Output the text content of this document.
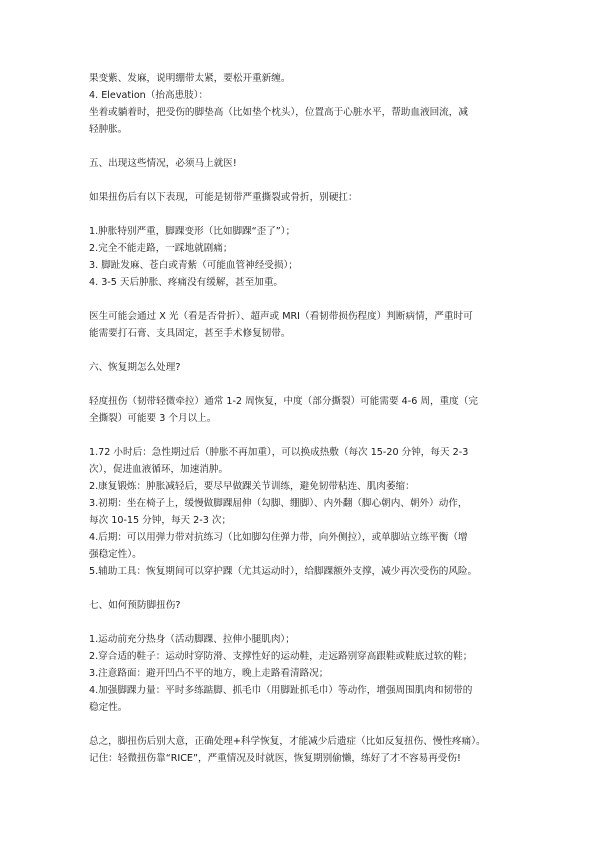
果变紫、发麻，说明绷带太紧，要松开重新缠。
4. Elevation（抬高患肢）：
坐着或躺着时，把受伤的脚垫高（比如垫个枕头），位置高于心脏水平，帮助血液回流，减
轻肿胀。
五、出现这些情况，必须马上就医!
如果扭伤后有以下表现，可能是韧带严重撕裂或骨折，别硬扛：
1.肿胀特别严重，脚踝变形（比如脚踝“歪了”）；
2.完全不能走路，一踩地就剧痛；
3. 脚趾发麻、苍白或青紫（可能血管神经受损）；
4. 3-5 天后肿胀、疼痛没有缓解，甚至加重。
医生可能会通过 X 光（看是否骨折）、超声或 MRI（看韧带损伤程度）判断病情，严重时可
能需要打石膏、支具固定，甚至手术修复韧带。
六、恢复期怎么处理?
轻度扭伤（韧带轻微牵拉）通常 1-2 周恢复，中度（部分撕裂）可能需要 4-6 周，重度（完
全撕裂）可能要 3 个月以上。
1.72 小时后：急性期过后（肿胀不再加重），可以换成热敷（每次 15-20 分钟，每天 2-3
次），促进血液循环，加速消肿。
2.康复锻炼：肿胀减轻后，要尽早做踝关节训练，避免韧带粘连、肌肉萎缩：
3.初期：坐在椅子上，缓慢做脚踝屈伸（勾脚、绷脚）、内外翻（脚心朝内、朝外）动作，
每次 10-15 分钟，每天 2-3 次；
4.后期：可以用弹力带对抗练习（比如脚勾住弹力带，向外侧拉），或单脚站立练平衡（增
强稳定性）。
5.辅助工具：恢复期间可以穿护踝（尤其运动时），给脚踝额外支撑，减少再次受伤的风险。
七、如何预防脚扭伤?
1.运动前充分热身（活动脚踝、拉伸小腿肌肉）；
2.穿合适的鞋子：运动时穿防滑、支撑性好的运动鞋，走远路别穿高跟鞋或鞋底过软的鞋；
3.注意路面：避开凹凸不平的地方，晚上走路看清路况；
4.加强脚踝力量：平时多练踮脚、抓毛巾（用脚趾抓毛巾）等动作，增强周围肌肉和韧带的
稳定性。
总之，脚扭伤后别大意，正确处理+科学恢复，才能减少后遗症（比如反复扭伤、慢性疼痛）。
记住：轻微扭伤靠“RICE”，严重情况及时就医，恢复期别偷懒，练好了才不容易再受伤!
